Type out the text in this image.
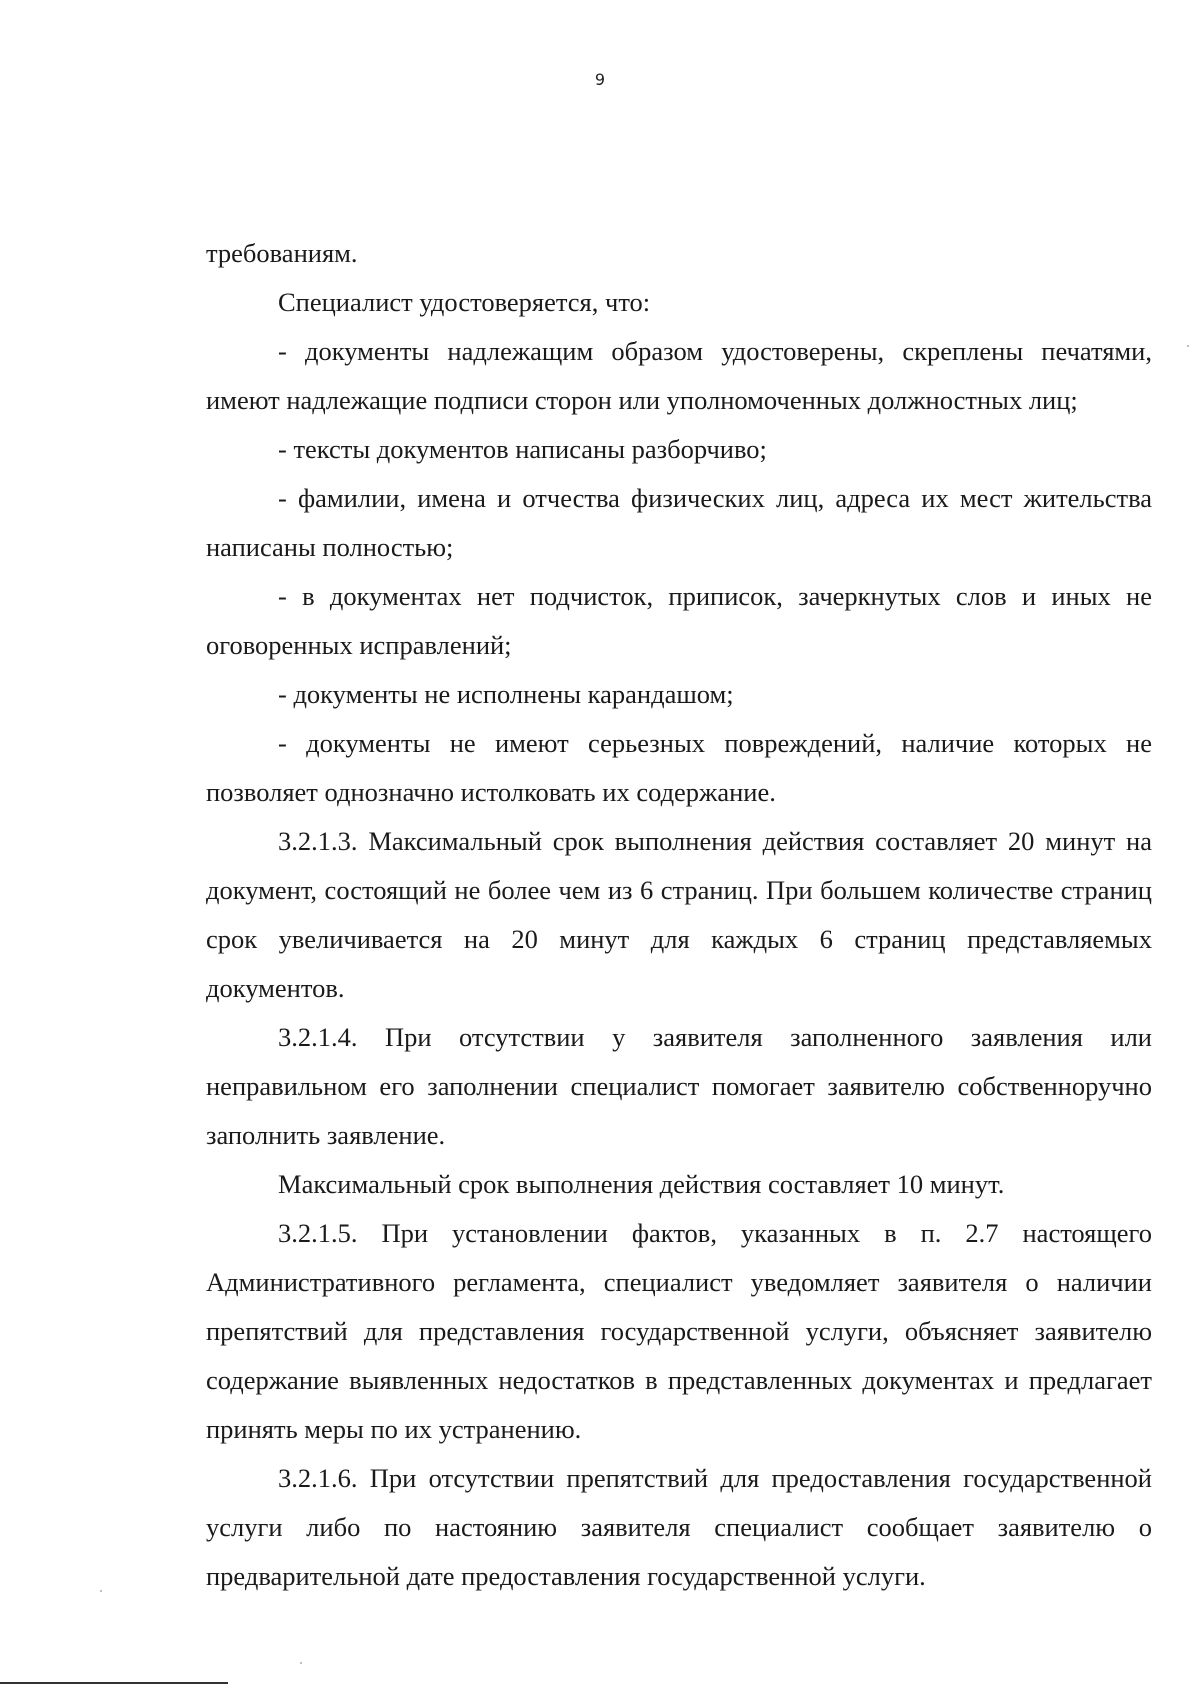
9

требованиям.

Специалист удостоверяется, что:

- документы надлежащим образом удостоверены, скреплены печатями, имеют надлежащие подписи сторон или уполномоченных должностных лиц;

- тексты документов написаны разборчиво;

- фамилии, имена и отчества физических лиц, адреса их мест жительства написаны полностью;

- в документах нет подчисток, приписок, зачеркнутых слов и иных не оговоренных исправлений;

- документы не исполнены карандашом;

- документы не имеют серьезных повреждений, наличие которых не позволяет однозначно истолковать их содержание.

3.2.1.3. Максимальный срок выполнения действия составляет 20 минут на документ, состоящий не более чем из 6 страниц. При большем количестве страниц срок увеличивается на 20 минут для каждых 6 страниц представляемых документов.

3.2.1.4. При отсутствии у заявителя заполненного заявления или неправильном его заполнении специалист помогает заявителю собственноручно заполнить заявление.

Максимальный срок выполнения действия составляет 10 минут.

3.2.1.5. При установлении фактов, указанных в п. 2.7 настоящего Административного регламента, специалист уведомляет заявителя о наличии препятствий для представления государственной услуги, объясняет заявителю содержание выявленных недостатков в представленных документах и предлагает принять меры по их устранению.

3.2.1.6. При отсутствии препятствий для предоставления государственной услуги либо по настоянию заявителя специалист сообщает заявителю о предварительной дате предоставления государственной услуги.
